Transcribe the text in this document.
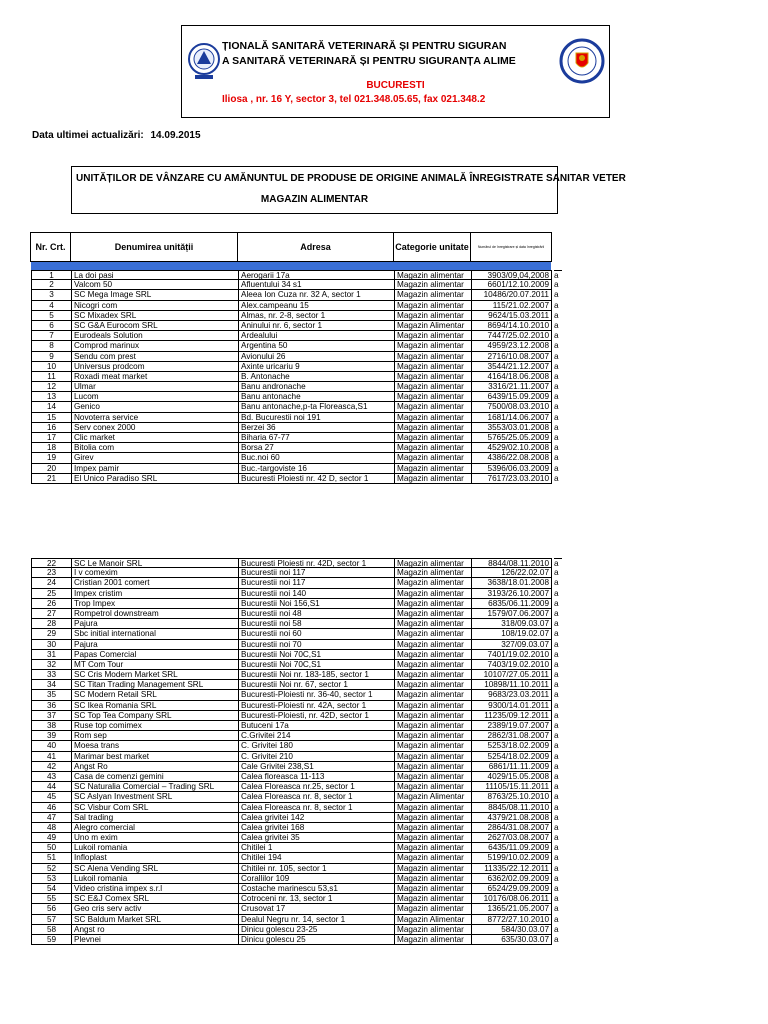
ȚIONALĂ SANITARĂ VETERINARĂ ȘI PENTRU SIGURAN
A SANITARĂ VETERINARĂ ȘI PENTRU SIGURANȚA ALIME
BUCURESTI
Iliosa , nr. 16 Y, sector 3, tel 021.348.05.65, fax 021.348.2
Data ultimei actualizări: 14.09.2015
UNITĂȚILOR DE VÂNZARE CU AMĂNUNTUL DE PRODUSE DE ORIGINE ANIMALĂ ÎNREGISTRATE SANITAR VETER
MAGAZIN ALIMENTAR
Nr. Crt.	Denumirea unității	Adresa	Categorie unitate	Numărul de înregistrare și data înregistrării
1	La doi pasi	Aerogarii 17a	Magazin alimentar	3903/09,04,2008 a
2	Valcom 50	Afluentului 34 s1	Magazin alimentar	6601/12.10.2009 a
3	SC Mega Image SRL	Aleea Ion Cuza nr. 32 A, sector 1	Magazin alimentar	10486/20.07.2011 a
4	Nicogri com	Alex.campeanu 15	Magazin alimentar	115/21.02.2007 a
5	SC Mixadex SRL	Almas, nr. 2-8, sector 1	Magazin alimentar	9624/15.03.2011 a
6	SC G&A Eurocom SRL	Aninului nr. 6, sector 1	Magazin Alimentar	8694/14.10.2010 a
7	Eurodeals Solution	Ardealului	Magazin alimentar	7447/25.02.2010 a
8	Comprod marinux	Argentina 50	Magazin alimentar	4959/23.12.2008 a
9	Sendu com prest	Avionului 26	Magazin alimentar	2716/10.08.2007 a
10	Universus prodcom	Axinte uricariu 9	Magazin alimentar	3544/21.12.2007 a
11	Roxadi meat market	B. Antonache	Magazin alimentar	4164/18.06.2008 a
12	Ulmar	Banu andronache	Magazin alimentar	3316/21.11.2007 a
13	Lucom	Banu antonache	Magazin alimentar	6439/15.09.2009 a
14	Genico	Banu antonache,p-ta Floreasca,S1	Magazin alimentar	7500/08.03.2010 a
15	Novoterra service	Bd. Bucurestii noi 191	Magazin alimentar	1681/14.06.2007 a
16	Serv conex 2000	Berzei 36	Magazin alimentar	3553/03.01.2008 a
17	Clic market	Biharia 67-77	Magazin alimentar	5765/25.05.2009 a
18	Bitolia com	Borsa 27	Magazin alimentar	4529/02.10.2008 a
19	Girev	Buc.noi 60	Magazin alimentar	4386/22.08.2008 a
20	Impex pamir	Buc.-targoviste 16	Magazin alimentar	5396/06.03.2009 a
21	El Unico Paradiso SRL	Bucuresti Ploiesti nr. 42 D, sector 1	Magazin alimentar	7617/23.03.2010 a
22	SC Le Manoir SRL	Bucuresti Ploiesti nr. 42D, sector 1	Magazin alimentar	8844/08.11.2010 a
23	I v comexim	Bucurestii noi 117	Magazin alimentar	126/22.02.07 a
24	Cristian 2001 comert	Bucurestii noi 117	Magazin alimentar	3638/18.01.2008 a
25	Impex cristim	Bucurestii noi 140	Magazin alimentar	3193/26.10.2007 a
26	Trop Impex	Bucurestii Noi 156,S1	Magazin alimentar	6835/06.11.2009 a
27	Rompetrol downstream	Bucurestii noi 48	Magazin alimentar	1579/07.06.2007 a
28	Pajura	Bucurestii noi 58	Magazin alimentar	318/09.03.07 a
29	Sbc initial international	Bucurestii noi 60	Magazin alimentar	108/19.02.07 a
30	Pajura	Bucurestii noi 70	Magazin alimentar	327/09.03.07 a
31	Papas Comercial	Bucurestii Noi 70C,S1	Magazin alimentar	7401/19.02.2010 a
32	MT Com Tour	Bucurestii Noi 70C,S1	Magazin alimentar	7403/19.02.2010 a
33	SC Cris Modern Market SRL	Bucurestii Noi nr. 183-185, sector 1	Magazin alimentar	10107/27.05.2011 a
34	SC Titan Trading Management SRL	Bucurestii Noi nr. 67, sector 1	Magazin alimentar	10898/11.10.2011 a
35	SC Modern Retail SRL	Bucuresti-Ploiesti nr. 36-40, sector 1	Magazin alimentar	9683/23.03.2011 a
36	SC Ikea Romania SRL	Bucuresti-Ploiesti nr. 42A, sector 1	Magazin alimentar	9300/14.01.2011 a
37	SC Top Tea Company SRL	Bucuresti-Ploiesti, nr. 42D, sector 1	Magazin alimentar	11235/09.12.2011 a
38	Ruse top comimex	Butuceni 17a	Magazin alimentar	2389/19.07.2007 a
39	Rom sep	C.Grivitei 214	Magazin alimentar	2862/31.08.2007 a
40	Moesa trans	C. Grivitei 180	Magazin alimentar	5253/18.02.2009 a
41	Marimar best market	C. Grivitei 210	Magazin alimentar	5254/18.02.2009 a
42	Angst Ro	Cale Grivitei 238,S1	Magazin alimentar	6861/11.11.2009 a
43	Casa de comenzi gemini	Calea floreasca 11-113	Magazin alimentar	4029/15.05.2008 a
44	SC Naturalia Comercial – Trading SRL	Calea Floreasca nr.25, sector 1	Magazin alimentar	11105/15.11.2011 a
45	SC Aslyan Investment SRL	Calea Floreasca nr. 8, sector 1	Magazin Alimentar	8763/25.10.2010 a
46	SC Visbur Com SRL	Calea Floreasca nr. 8, sector 1	Magazin alimentar	8845/08.11.2010 a
47	Sal trading	Calea grivitei 142	Magazin alimentar	4379/21.08.2008 a
48	Alegro comercial	Calea grivitei 168	Magazin alimentar	2864/31.08.2007 a
49	Uno m exim	Calea grivitei 35	Magazin alimentar	2627/03.08.2007 a
50	Lukoil romania	Chitilei 1	Magazin alimentar	6435/11.09.2009 a
51	Infloplast	Chitilei 194	Magazin alimentar	5199/10.02.2009 a
52	SC Alena Vending SRL	Chitilei nr. 105, sector 1	Magazin alimentar	11335/22.12.2011 a
53	Lukoil romania	Corallilor 109	Magazin alimentar	6362/02.09.2009 a
54	Video cristina impex s.r.l	Costache marinescu 53,s1	Magazin alimentar	6524/29.09.2009 a
55	SC E&J Comex SRL	Cotroceni nr. 13, sector 1	Magazin alimentar	10176/08.06.2011 a
56	Geo cris serv activ	Crusovat 17	Magazin alimentar	1365/21.05.2007 a
57	SC Baldum Market SRL	Dealul Negru nr. 14, sector 1	Magazin Alimentar	8772/27.10.2010 a
58	Angst ro	Dinicu golescu 23-25	Magazin alimentar	584/30.03.07 a
59	Plevnei	Dinicu golescu 25	Magazin alimentar	635/30.03.07 a
